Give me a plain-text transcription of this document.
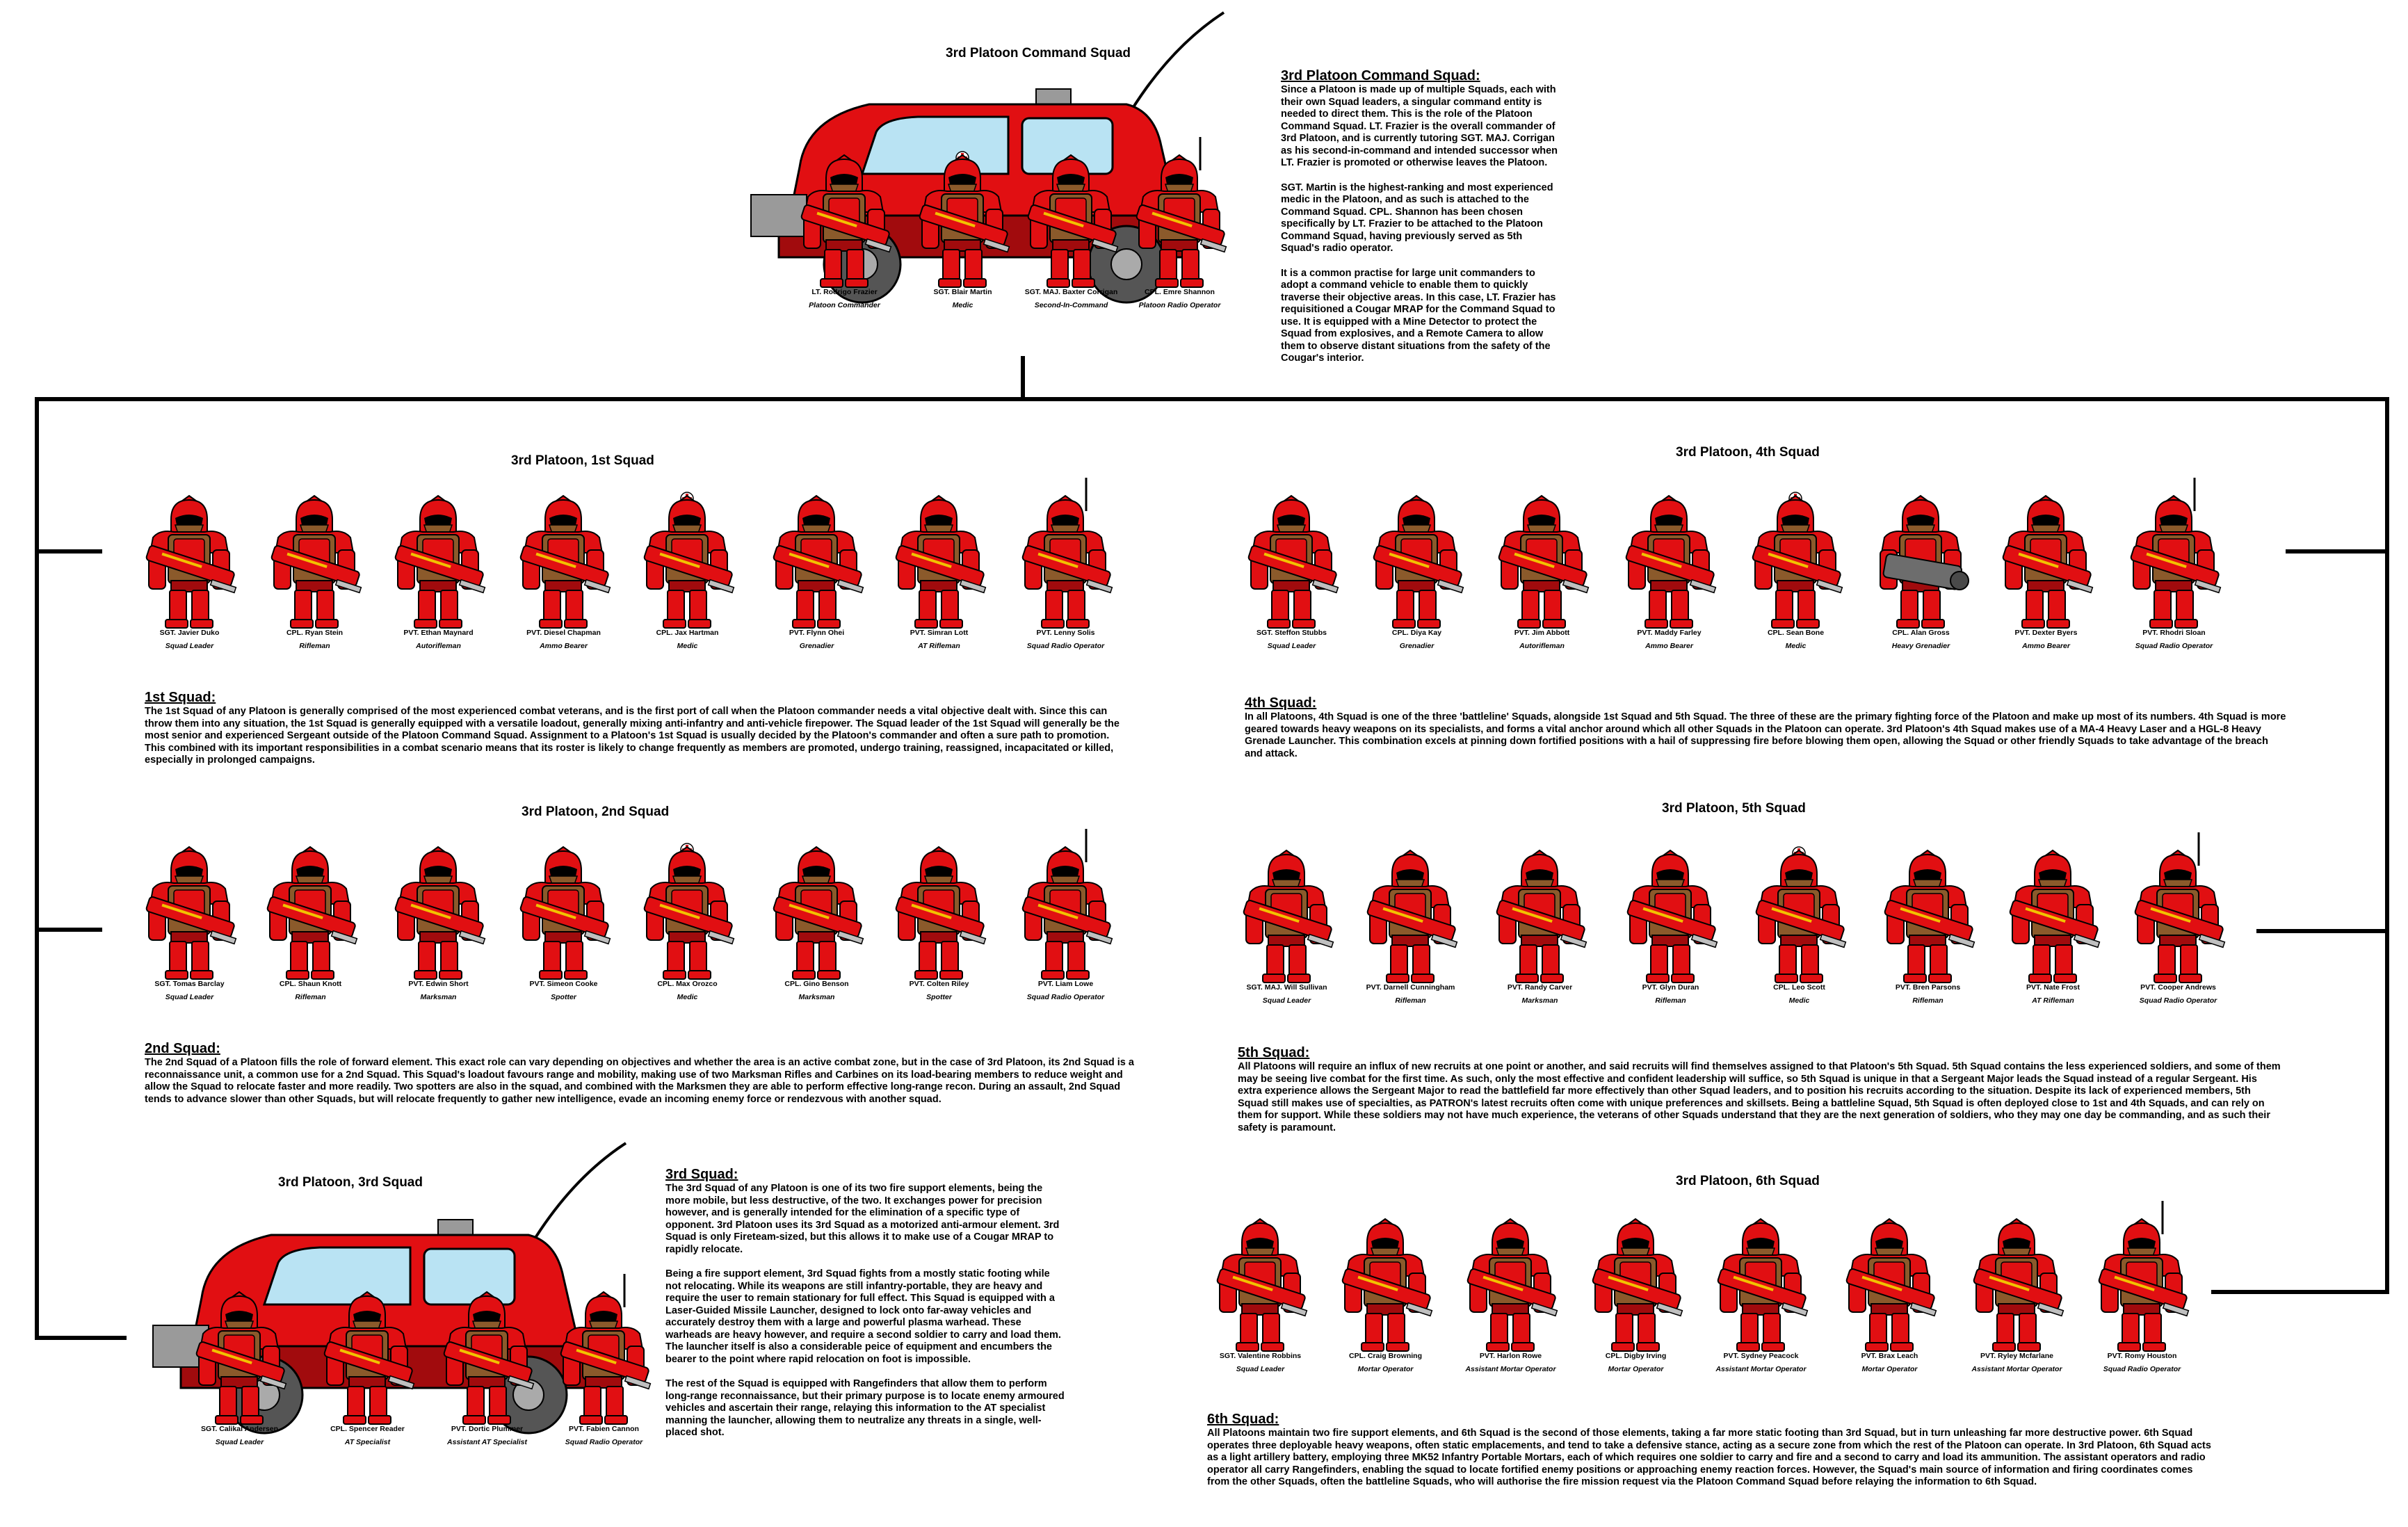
3rd Platoon Command Squad
3rd Platoon Command Squad:

Since a Platoon is made up of multiple Squads, each with their own Squad leaders, a singular command entity is needed to direct them. This is the role of the Platoon Command Squad. LT. Frazier is the overall commander of 3rd Platoon, and is currently tutoring SGT. MAJ. Corrigan as his second-in-command and intended successor when LT. Frazier is promoted or otherwise leaves the Platoon.

SGT. Martin is the highest-ranking and most experienced medic in the Platoon, and as such is attached to the Command Squad. CPL. Shannon has been chosen specifically by LT. Frazier to be attached to the Platoon Command Squad, having previously served as 5th Squad's radio operator.

It is a common practise for large unit commanders to adopt a command vehicle to enable them to quickly traverse their objective areas. In this case, LT. Frazier has requisitioned a Cougar MRAP for the Command Squad to use. It is equipped with a Mine Detector to protect the Squad from explosives, and a Remote Camera to allow them to observe distant situations from the safety of the Cougar's interior.

LT. Rodrigo Frazier
Platoon Commander
SGT. Blair Martin
Medic
SGT. MAJ. Baxter Corrigan
Second-In-Command
CPL. Emre Shannon
Platoon Radio Operator
3rd Platoon, 1st Squad
SGT. Javier Duko
Squad Leader
CPL. Ryan Stein
Rifleman
PVT. Ethan Maynard
Autorifleman
PVT. Diesel Chapman
Ammo Bearer
CPL. Jax Hartman
Medic
PVT. Flynn Ohei
Grenadier
PVT. Simran Lott
AT Rifleman
PVT. Lenny Solis
Squad Radio Operator
1st Squad:

The 1st Squad of any Platoon is generally comprised of the most experienced combat veterans, and is the first port of call when the Platoon commander needs a vital objective dealt with. Since this can throw them into any situation, the 1st Squad is generally equipped with a versatile loadout, generally mixing anti-infantry and anti-vehicle firepower. The Squad leader of the 1st Squad will generally be the most senior and experienced Sergeant outside of the Platoon Command Squad. Assignment to a Platoon's 1st Squad is usually decided by the Platoon's commander and often a sure path to promotion. This combined with its important responsibilities in a combat scenario means that its roster is likely to change frequently as members are promoted, undergo training, reassigned, incapacitated or killed, especially in prolonged campaigns.

3rd Platoon, 2nd Squad
SGT. Tomas Barclay
Squad Leader
CPL. Shaun Knott
Rifleman
PVT. Edwin Short
Marksman
PVT. Simeon Cooke
Spotter
CPL. Max Orozco
Medic
CPL. Gino Benson
Marksman
PVT. Colten Riley
Spotter
PVT. Liam Lowe
Squad Radio Operator
2nd Squad:

The 2nd Squad of a Platoon fills the role of forward element. This exact role can vary depending on objectives and whether the area is an active combat zone, but in the case of 3rd Platoon, its 2nd Squad is a reconnaissance unit, a common use for a 2nd Squad. This Squad's loadout favours range and mobility, making use of two Marksman Rifles and Carbines on its load-bearing members to reduce weight and allow the Squad to relocate faster and more readily. Two spotters are also in the squad, and combined with the Marksmen they are able to perform effective long-range recon. During an assault, 2nd Squad tends to advance slower than other Squads, but will relocate frequently to gather new intelligence, evade an incoming enemy force or rendezvous with another squad.

3rd Platoon, 3rd Squad
SGT. Calikal Andersen
Squad Leader
CPL. Spencer Reader
AT Specialist
PVT. Dortic Plummer
Assistant AT Specialist
PVT. Fabien Cannon
Squad Radio Operator
3rd Squad:

The 3rd Squad of any Platoon is one of its two fire support elements, being the more mobile, but less destructive, of the two. It exchanges power for precision however, and is generally intended for the elimination of a specific type of opponent. 3rd Platoon uses its 3rd Squad as a motorized anti-armour element. 3rd Squad is only Fireteam-sized, but this allows it to make use of a Cougar MRAP to rapidly relocate.

Being a fire support element, 3rd Squad fights from a mostly static footing while not relocating. While its weapons are still infantry-portable, they are heavy and require the user to remain stationary for full effect. This Squad is equipped with a Laser-Guided Missile Launcher, designed to lock onto far-away vehicles and accurately destroy them with a large and powerful plasma warhead. These warheads are heavy however, and require a second soldier to carry and load them. The launcher itself is also a considerable peice of equipment and encumbers the bearer to the point where rapid relocation on foot is impossible.

The rest of the Squad is equipped with Rangefinders that allow them to perform long-range reconnaissance, but their primary purpose is to locate enemy armoured vehicles and ascertain their range, relaying this information to the AT specialist manning the launcher, allowing them to neutralize any threats in a single, well-placed shot.

3rd Platoon, 4th Squad
SGT. Steffon Stubbs
Squad Leader
CPL. Diya Kay
Grenadier
PVT. Jim Abbott
Autorifleman
PVT. Maddy Farley
Ammo Bearer
CPL. Sean Bone
Medic
CPL. Alan Gross
Heavy Grenadier
PVT. Dexter Byers
Ammo Bearer
PVT. Rhodri Sloan
Squad Radio Operator
4th Squad:

In all Platoons, 4th Squad is one of the three 'battleline' Squads, alongside 1st Squad and 5th Squad. The three of these are the primary fighting force of the Platoon and make up most of its numbers. 4th Squad is more geared towards heavy weapons on its specialists, and forms a vital anchor around which all other Squads in the Platoon can operate. 3rd Platoon's 4th Squad makes use of a MA-4 Heavy Laser and a HGL-8 Heavy Grenade Launcher. This combination excels at pinning down fortified positions with a hail of suppressing fire before blowing them open, allowing the Squad or other friendly Squads to take advantage of the breach and attack.

3rd Platoon, 5th Squad
SGT. MAJ. Will Sullivan
Squad Leader
PVT. Darnell Cunningham
Rifleman
PVT. Randy Carver
Marksman
PVT. Glyn Duran
Rifleman
CPL. Leo Scott
Medic
PVT. Bren Parsons
Rifleman
PVT. Nate Frost
AT Rifleman
PVT. Cooper Andrews
Squad Radio Operator
5th Squad:

All Platoons will require an influx of new recruits at one point or another, and said recruits will find themselves assigned to that Platoon's 5th Squad. 5th Squad contains the less experienced soldiers, and some of them may be seeing live combat for the first time. As such, only the most effective and confident leadership will suffice, so 5th Squad is unique in that a Sergeant Major leads the Squad instead of a regular Sergeant. His extra experience allows the Sergeant Major to read the battlefield far more effectively than other Squad leaders, and to position his recruits according to the situation. Despite its lack of experienced members, 5th Squad still makes use of specialties, as PATRON's latest recruits often come with unique preferences and skillsets. Being a battleline Squad, 5th Squad is often deployed close to 1st and 4th Squads, and can rely on them for support. While these soldiers may not have much experience, the veterans of other Squads understand that they are the next generation of soldiers, who they may one day be commanding, and as such their safety is paramount.

3rd Platoon, 6th Squad
SGT. Valentine Robbins
Squad Leader
CPL. Craig Browning
Mortar Operator
PVT. Harlon Rowe
Assistant Mortar Operator
CPL. Digby Irving
Mortar Operator
PVT. Sydney Peacock
Assistant Mortar Operator
PVT. Brax Leach
Mortar Operator
PVT. Ryley Mcfarlane
Assistant Mortar Operator
PVT. Romy Houston
Squad Radio Operator
6th Squad:

All Platoons maintain two fire support elements, and 6th Squad is the second of those elements, taking a far more static footing than 3rd Squad, but in turn unleashing far more destructive power. 6th Squad operates three deployable heavy weapons, often static emplacements, and tend to take a defensive stance, acting as a secure zone from which the rest of the Platoon can operate. In 3rd Platoon, 6th Squad acts as a light artillery battery, employing three MK52 Infantry Portable Mortars, each of which requires one soldier to carry and fire and a second to carry and load its ammunition. The assistant operators and radio operator all carry Rangefinders, enabling the squad to locate fortified enemy positions or approaching enemy reaction forces. However, the Squad's main source of information and firing coordinates comes from the other Squads, often the battleline Squads, who will authorise the fire mission request via the Platoon Command Squad before relaying the information to 6th Squad.
